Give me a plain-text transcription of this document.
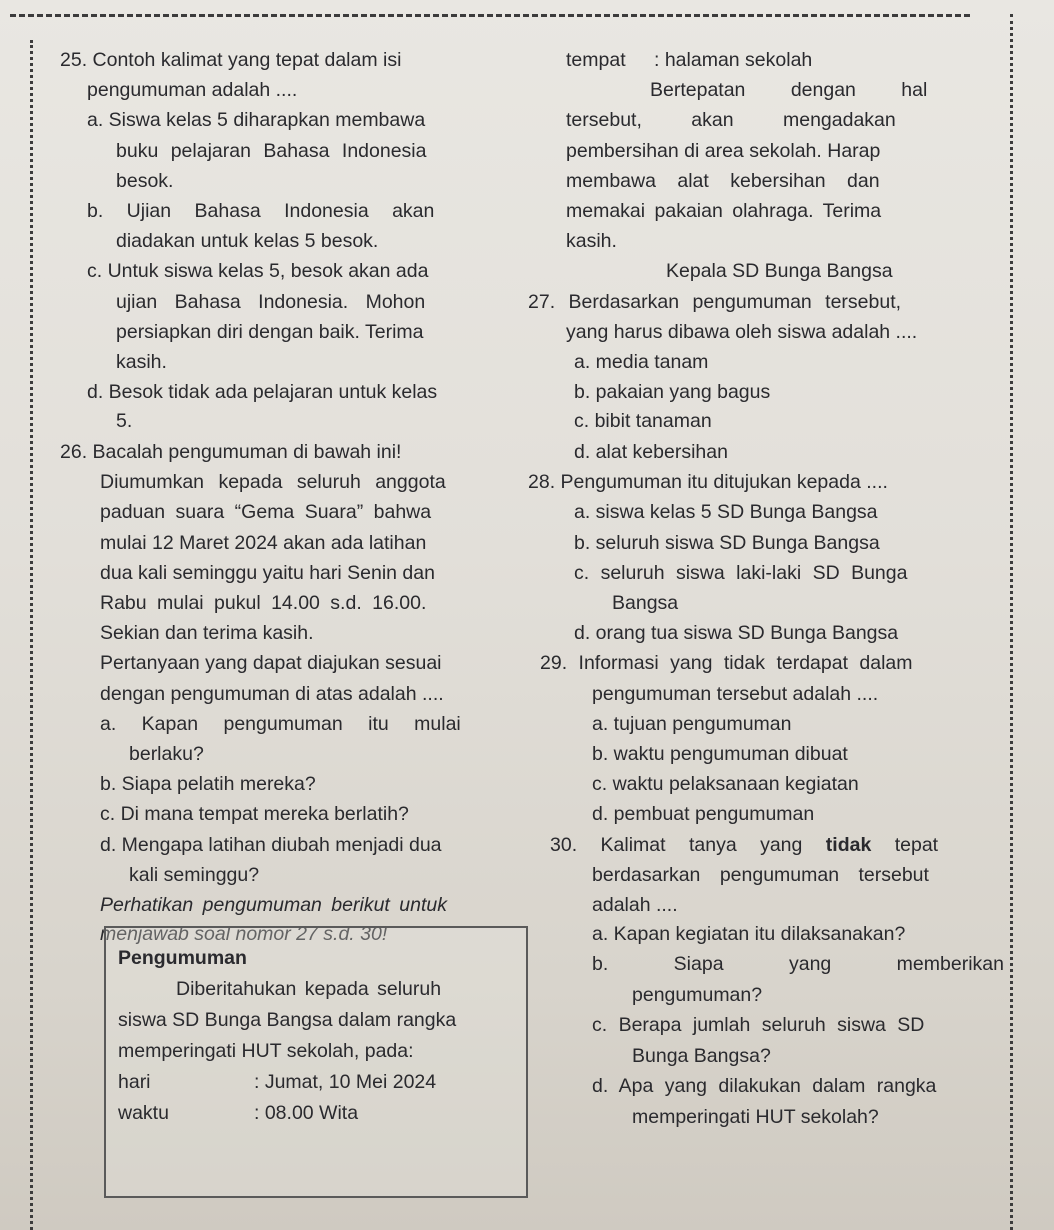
25. Contoh kalimat yang tepat dalam isi
pengumuman adalah ....
a. Siswa kelas 5 diharapkan membawa
buku pelajaran Bahasa Indonesia
besok.
b. Ujian Bahasa Indonesia akan
diadakan untuk kelas 5 besok.
c. Untuk siswa kelas 5, besok akan ada
ujian Bahasa Indonesia. Mohon
persiapkan diri dengan baik. Terima
kasih.
d. Besok tidak ada pelajaran untuk kelas
5.
26. Bacalah pengumuman di bawah ini!
Diumumkan kepada seluruh anggota
paduan suara “Gema Suara” bahwa
mulai 12 Maret 2024 akan ada latihan
dua kali seminggu yaitu hari Senin dan
Rabu mulai pukul 14.00 s.d. 16.00.
Sekian dan terima kasih.
Pertanyaan yang dapat diajukan sesuai
dengan pengumuman di atas adalah ....
a. Kapan pengumuman itu mulai
berlaku?
b. Siapa pelatih mereka?
c. Di mana tempat mereka berlatih?
d. Mengapa latihan diubah menjadi dua
kali seminggu?
Perhatikan pengumuman berikut untuk
menjawab soal nomor 27 s.d. 30!
Pengumuman
Diberitahukan kepada seluruh
siswa SD Bunga Bangsa dalam rangka
memperingati HUT sekolah, pada:
hari	: Jumat, 10 Mei 2024
waktu	: 08.00 Wita
tempat : halaman sekolah
Bertepatan dengan hal
tersebut, akan mengadakan
pembersihan di area sekolah. Harap
membawa alat kebersihan dan
memakai pakaian olahraga. Terima
kasih.
Kepala SD Bunga Bangsa
27. Berdasarkan pengumuman tersebut,
yang harus dibawa oleh siswa adalah ....
a. media tanam
b. pakaian yang bagus
c. bibit tanaman
d. alat kebersihan
28. Pengumuman itu ditujukan kepada ....
a. siswa kelas 5 SD Bunga Bangsa
b. seluruh siswa SD Bunga Bangsa
c. seluruh siswa laki-laki SD Bunga
Bangsa
d. orang tua siswa SD Bunga Bangsa
29. Informasi yang tidak terdapat dalam
pengumuman tersebut adalah ....
a. tujuan pengumuman
b. waktu pengumuman dibuat
c. waktu pelaksanaan kegiatan
d. pembuat pengumuman
30. Kalimat tanya yang tidak tepat
berdasarkan pengumuman tersebut
adalah ....
a. Kapan kegiatan itu dilaksanakan?
b. Siapa yang memberikan
pengumuman?
c. Berapa jumlah seluruh siswa SD
Bunga Bangsa?
d. Apa yang dilakukan dalam rangka
memperingati HUT sekolah?
